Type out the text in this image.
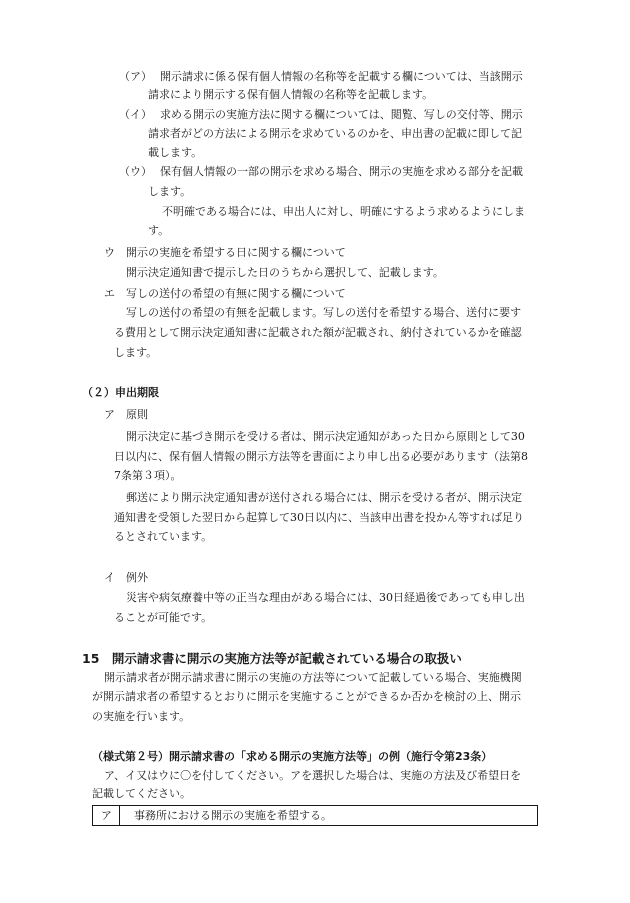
（ア） 開示請求に係る保有個人情報の名称等を記載する欄については、当該開示
請求により開示する保有個人情報の名称等を記載します。
（イ） 求める開示の実施方法に関する欄については、閲覧、写しの交付等、開示
請求者がどの方法による開示を求めているのかを、申出書の記載に即して記
載します。
（ウ） 保有個人情報の一部の開示を求める場合、開示の実施を求める部分を記載
します。
不明確である場合には、申出人に対し、明確にするよう求めるようにしま
す。
ウ　開示の実施を希望する日に関する欄について
開示決定通知書で提示した日のうちから選択して、記載します。
エ　写しの送付の希望の有無に関する欄について
写しの送付の希望の有無を記載します。写しの送付を希望する場合、送付に要す
る費用として開示決定通知書に記載された額が記載され、納付されているかを確認
します。
（２）申出期限
ア　原則
開示決定に基づき開示を受ける者は、開示決定通知があった日から原則として30
日以内に、保有個人情報の開示方法等を書面により申し出る必要があります（法第8
7条第３項）。
郵送により開示決定通知書が送付される場合には、開示を受ける者が、開示決定
通知書を受領した翌日から起算して30日以内に、当該申出書を投かん等すれば足り
るとされています。
イ　例外
災害や病気療養中等の正当な理由がある場合には、30日経過後であっても申し出
ることが可能です。
15　開示請求書に開示の実施方法等が記載されている場合の取扱い
開示請求者が開示請求書に開示の実施の方法等について記載している場合、実施機関
が開示請求者の希望するとおりに開示を実施することができるか否かを検討の上、開示
の実施を行います。
（様式第２号）開示請求書の「求める開示の実施方法等」の例（施行令第23条）
ア、イ又はウに〇を付してください。アを選択した場合は、実施の方法及び希望日を
記載してください。
ア	事務所における開示の実施を希望する。
